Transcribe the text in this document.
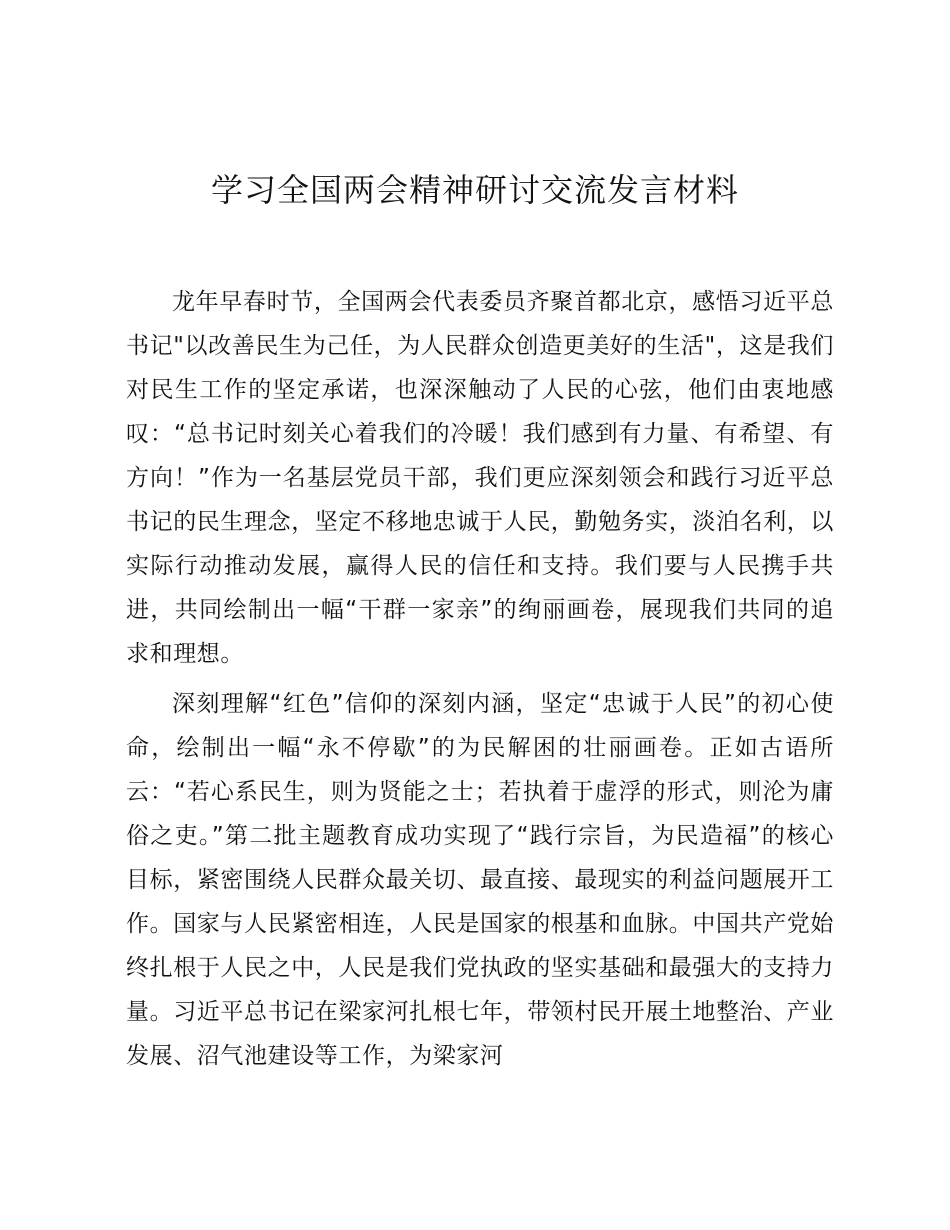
学习全国两会精神研讨交流发言材料

龙年早春时节，全国两会代表委员齐聚首都北京，感悟习近平总书记"以改善民生为己任，为人民群众创造更美好的生活"，这是我们对民生工作的坚定承诺，也深深触动了人民的心弦，他们由衷地感叹：“总书记时刻关心着我们的冷暖！我们感到有力量、有希望、有方向！”作为一名基层党员干部，我们更应深刻领会和践行习近平总书记的民生理念，坚定不移地忠诚于人民，勤勉务实，淡泊名利，以实际行动推动发展，赢得人民的信任和支持。我们要与人民携手共进，共同绘制出一幅“干群一家亲”的绚丽画卷，展现我们共同的追求和理想。

深刻理解“红色”信仰的深刻内涵，坚定“忠诚于人民”的初心使命，绘制出一幅“永不停歇”的为民解困的壮丽画卷。正如古语所云：“若心系民生，则为贤能之士；若执着于虚浮的形式，则沦为庸俗之吏。”第二批主题教育成功实现了“践行宗旨，为民造福”的核心目标，紧密围绕人民群众最关切、最直接、最现实的利益问题展开工作。国家与人民紧密相连，人民是国家的根基和血脉。中国共产党始终扎根于人民之中，人民是我们党执政的坚实基础和最强大的支持力量。习近平总书记在梁家河扎根七年，带领村民开展土地整治、产业发展、沼气池建设等工作，为梁家河
